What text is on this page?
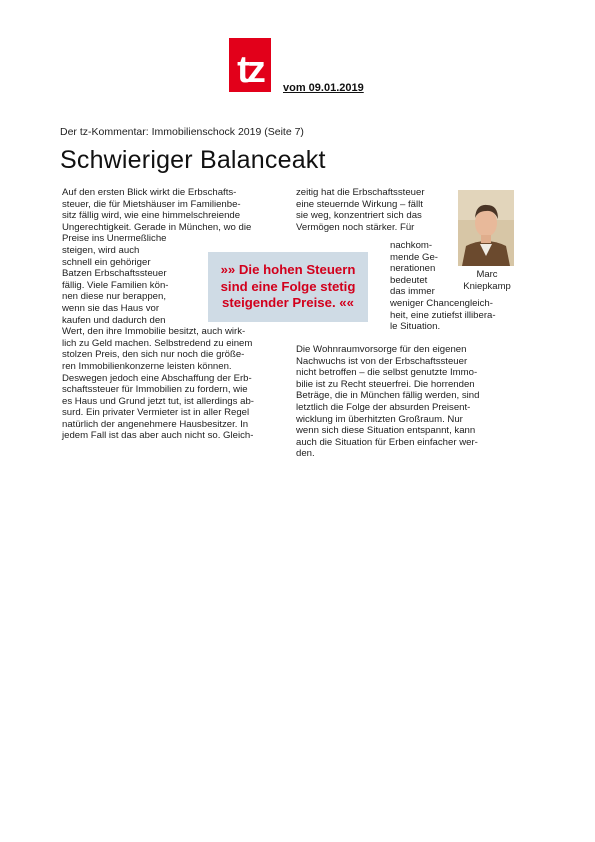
tz vom 09.01.2019
Der tz-Kommentar: Immobilienschock 2019 (Seite 7)
Schwieriger Balanceakt
Auf den ersten Blick wirkt die Erbschafts-
steuer, die für Mietshäuser im Familienbe-
sitz fällig wird, wie eine himmelschreiende
Ungerechtigkeit. Gerade in München, wo die
Preise ins Unermeßliche
steigen, wird auch
schnell ein gehöriger
Batzen Erbschaftssteuer
fällig. Viele Familien kön-
nen diese nur berappen,
wenn sie das Haus vor
kaufen und dadurch den
Wert, den ihre Immobilie besitzt, auch wirk-
lich zu Geld machen. Selbstredend zu einem
stolzen Preis, den sich nur noch die größe-
ren Immobilienkonzerne leisten können.
Deswegen jedoch eine Abschaffung der Erb-
schaftssteuer für Immobilien zu fordern, wie
es Haus und Grund jetzt tut, ist allerdings ab-
surd. Ein privater Vermieter ist in aller Regel
natürlich der angenehmere Hausbesitzer. In
jedem Fall ist das aber auch nicht so. Gleich-
zeitig hat die Erbschaftssteuer
eine steuernde Wirkung – fällt
sie weg, konzentriert sich das
Vermögen noch stärker. Für
nachkom-
mende Ge-
nerationen
bedeutet
das immer
weniger Chancengleich-
heit, eine zutiefst illibera-
le Situation.
Die Wohnraumvorsorge für den eigenen
Nachwuchs ist von der Erbschaftssteuer
nicht betroffen – die selbst genutzte Immo-
bilie ist zu Recht steuerfrei. Die horrenden
Beträge, die in München fällig werden, sind
letztlich die Folge der absurden Preisent-
wicklung im überhitzten Großraum. Nur
wenn sich diese Situation entspannt, kann
auch die Situation für Erben einfacher wer-
den.
»» Die hohen Steuern
sind eine Folge stetig
steigender Preise. ««
Marc
Kniepkamp
